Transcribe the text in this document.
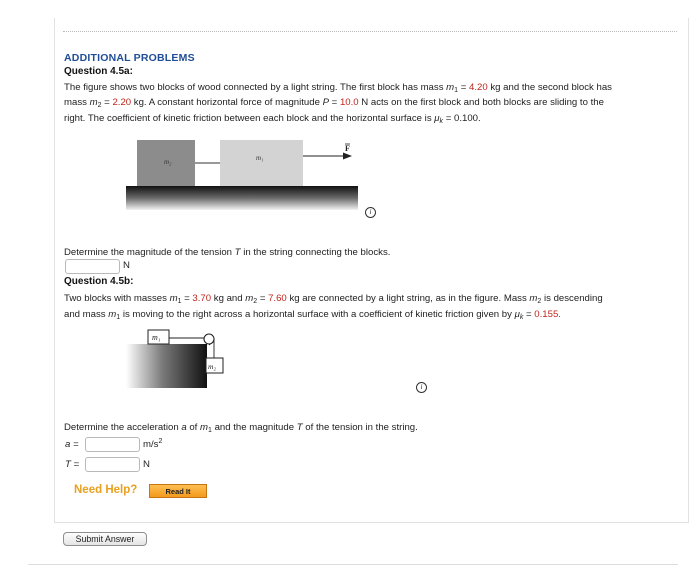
ADDITIONAL PROBLEMS
Question 4.5a:
The figure shows two blocks of wood connected by a light string. The first block has mass $m_1 = 4.20$ kg and the second block has
mass $m_2 = 2.20$ kg. A constant horizontal force of magnitude P = 10.0 N acts on the first block and both blocks are sliding to the
right. The coefficient of kinetic friction between each block and the horizontal surface is $\mu_k = 0.100$.
m₂	m₁
F
i
Determine the magnitude of the tension T in the string connecting the blocks.
N
Question 4.5b:
Two blocks with masses $m_1 = 3.70$ kg and $m_2 = 7.60$ kg are connected by a light string, as in the figure. Mass $m_2$ is descending
and mass $m_1$ is moving to the right across a horizontal surface with a coefficient of kinetic friction given by $\mu_k = 0.155$.
m₁
m₂
i
Determine the acceleration a of $m_1$ and the magnitude T of the tension in the string.
a =	$m/s^2$
T =	N
Need Help?	Read It
Submit Answer
